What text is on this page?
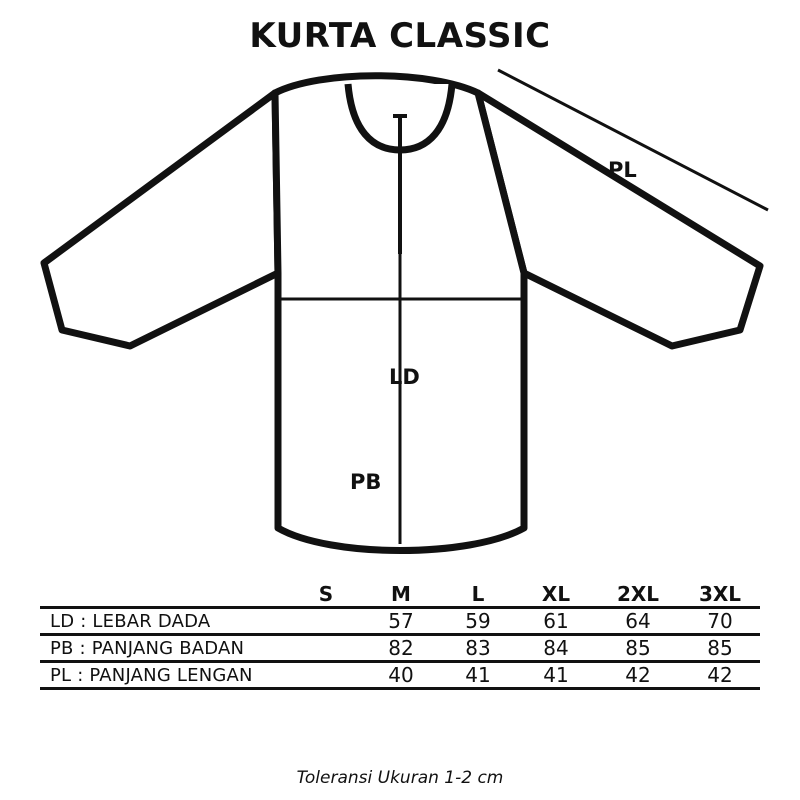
KURTA CLASSIC
PL
LD
PB
	S	M	L	XL	2XL	3XL
LD : LEBAR DADA		57	59	61	64	70
PB : PANJANG BADAN		82	83	84	85	85
PL : PANJANG LENGAN		40	41	41	42	42
Toleransi Ukuran 1-2 cm
